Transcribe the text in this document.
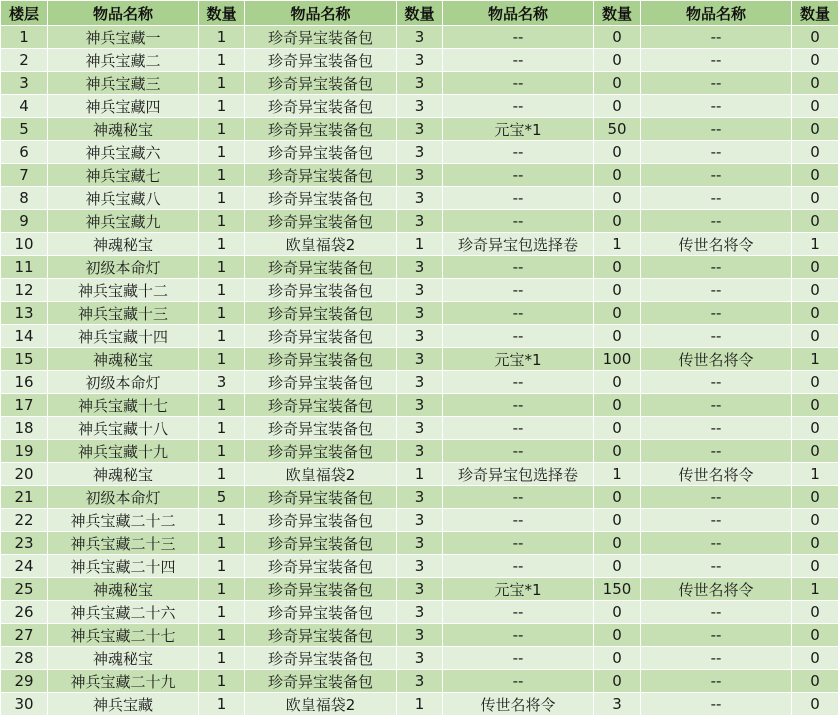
楼层	物品名称	数量	物品名称	数量	物品名称	数量	物品名称	数量
1	神兵宝藏一	1	珍奇异宝装备包	3	--	0	--	0
2	神兵宝藏二	1	珍奇异宝装备包	3	--	0	--	0
3	神兵宝藏三	1	珍奇异宝装备包	3	--	0	--	0
4	神兵宝藏四	1	珍奇异宝装备包	3	--	0	--	0
5	神魂秘宝	1	珍奇异宝装备包	3	元宝*1	50	--	0
6	神兵宝藏六	1	珍奇异宝装备包	3	--	0	--	0
7	神兵宝藏七	1	珍奇异宝装备包	3	--	0	--	0
8	神兵宝藏八	1	珍奇异宝装备包	3	--	0	--	0
9	神兵宝藏九	1	珍奇异宝装备包	3	--	0	--	0
10	神魂秘宝	1	欧皇福袋2	1	珍奇异宝包选择卷	1	传世名将令	1
11	初级本命灯	1	珍奇异宝装备包	3	--	0	--	0
12	神兵宝藏十二	1	珍奇异宝装备包	3	--	0	--	0
13	神兵宝藏十三	1	珍奇异宝装备包	3	--	0	--	0
14	神兵宝藏十四	1	珍奇异宝装备包	3	--	0	--	0
15	神魂秘宝	1	珍奇异宝装备包	3	元宝*1	100	传世名将令	1
16	初级本命灯	3	珍奇异宝装备包	3	--	0	--	0
17	神兵宝藏十七	1	珍奇异宝装备包	3	--	0	--	0
18	神兵宝藏十八	1	珍奇异宝装备包	3	--	0	--	0
19	神兵宝藏十九	1	珍奇异宝装备包	3	--	0	--	0
20	神魂秘宝	1	欧皇福袋2	1	珍奇异宝包选择卷	1	传世名将令	1
21	初级本命灯	5	珍奇异宝装备包	3	--	0	--	0
22	神兵宝藏二十二	1	珍奇异宝装备包	3	--	0	--	0
23	神兵宝藏二十三	1	珍奇异宝装备包	3	--	0	--	0
24	神兵宝藏二十四	1	珍奇异宝装备包	3	--	0	--	0
25	神魂秘宝	1	珍奇异宝装备包	3	元宝*1	150	传世名将令	1
26	神兵宝藏二十六	1	珍奇异宝装备包	3	--	0	--	0
27	神兵宝藏二十七	1	珍奇异宝装备包	3	--	0	--	0
28	神魂秘宝	1	珍奇异宝装备包	3	--	0	--	0
29	神兵宝藏二十九	1	珍奇异宝装备包	3	--	0	--	0
30	神兵宝藏	1	欧皇福袋2	1	传世名将令	3	--	0
